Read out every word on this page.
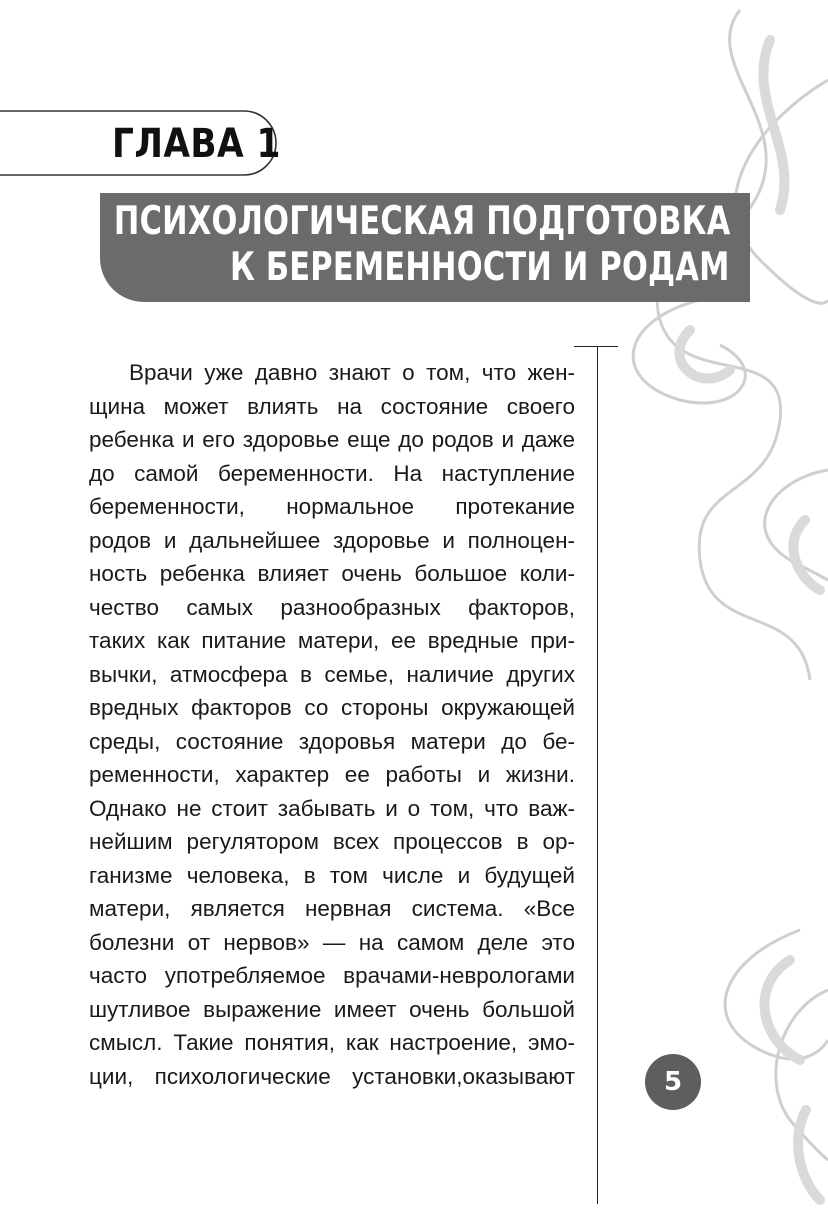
ГЛАВА 1
ПСИХОЛОГИЧЕСКАЯ ПОДГОТОВКА
К БЕРЕМЕННОСТИ И РОДАМ
Врачи уже давно знают о том, что жен-
щина может влиять на состояние своего
ребенка и его здоровье еще до родов и даже
до самой беременности. На наступление
беременности, нормальное протекание
родов и дальнейшее здоровье и полноцен-
ность ребенка влияет очень большое коли-
чество самых разнообразных факторов,
таких как питание матери, ее вредные при-
вычки, атмосфера в семье, наличие других
вредных факторов со стороны окружающей
среды, состояние здоровья матери до бе-
ременности, характер ее работы и жизни.
Однако не стоит забывать и о том, что важ-
нейшим регулятором всех процессов в ор-
ганизме человека, в том числе и будущей
матери, является нервная система. «Все
болезни от нервов» — на самом деле это
часто употребляемое врачами-неврологами
шутливое выражение имеет очень большой
смысл. Такие понятия, как настроение, эмо-
ции, психологические установки,оказывают	5
